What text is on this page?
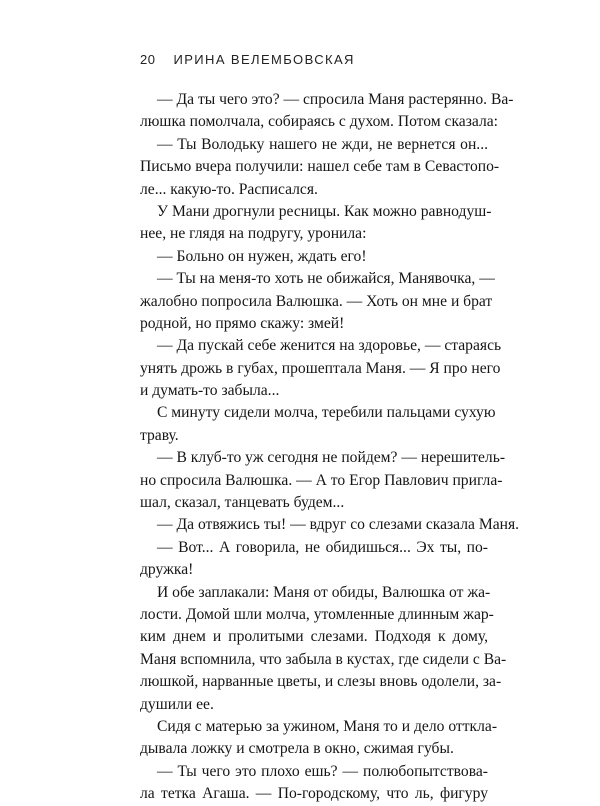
20 ИРИНА ВЕЛЕМБОВСКАЯ
— Да ты чего это? — спросила Маня растерянно. Ва-
люшка помолчала, собираясь с духом. Потом сказала:
— Ты Володьку нашего не жди, не вернется он...
Письмо вчера получили: нашел себе там в Севастопо-
ле... какую-то. Расписался.
У Мани дрогнули ресницы. Как можно равнодуш-
нее, не глядя на подругу, уронила:
— Больно он нужен, ждать его!
— Ты на меня-то хоть не обижайся, Манявочка, —
жалобно попросила Валюшка. — Хоть он мне и брат
родной, но прямо скажу: змей!
— Да пускай себе женится на здоровье, — стараясь
унять дрожь в губах, прошептала Маня. — Я про него
и думать-то забыла...
С минуту сидели молча, теребили пальцами сухую
траву.
— В клуб-то уж сегодня не пойдем? — нерешитель-
но спросила Валюшка. — А то Егор Павлович пригла-
шал, сказал, танцевать будем...
— Да отвяжись ты! — вдруг со слезами сказала Маня.
— Вот... А говорила, не обидишься... Эх ты, по-
дружка!
И обе заплакали: Маня от обиды, Валюшка от жа-
лости. Домой шли молча, утомленные длинным жар-
ким днем и пролитыми слезами. Подходя к дому,
Маня вспомнила, что забыла в кустах, где сидели с Ва-
люшкой, нарванные цветы, и слезы вновь одолели, за-
душили ее.
Сидя с матерью за ужином, Маня то и дело отткла-
дывала ложку и смотрела в окно, сжимая губы.
— Ты чего это плохо ешь? — полюбопытствова-
ла тетка Агаша. — По-городскому, что ль, фигуру
